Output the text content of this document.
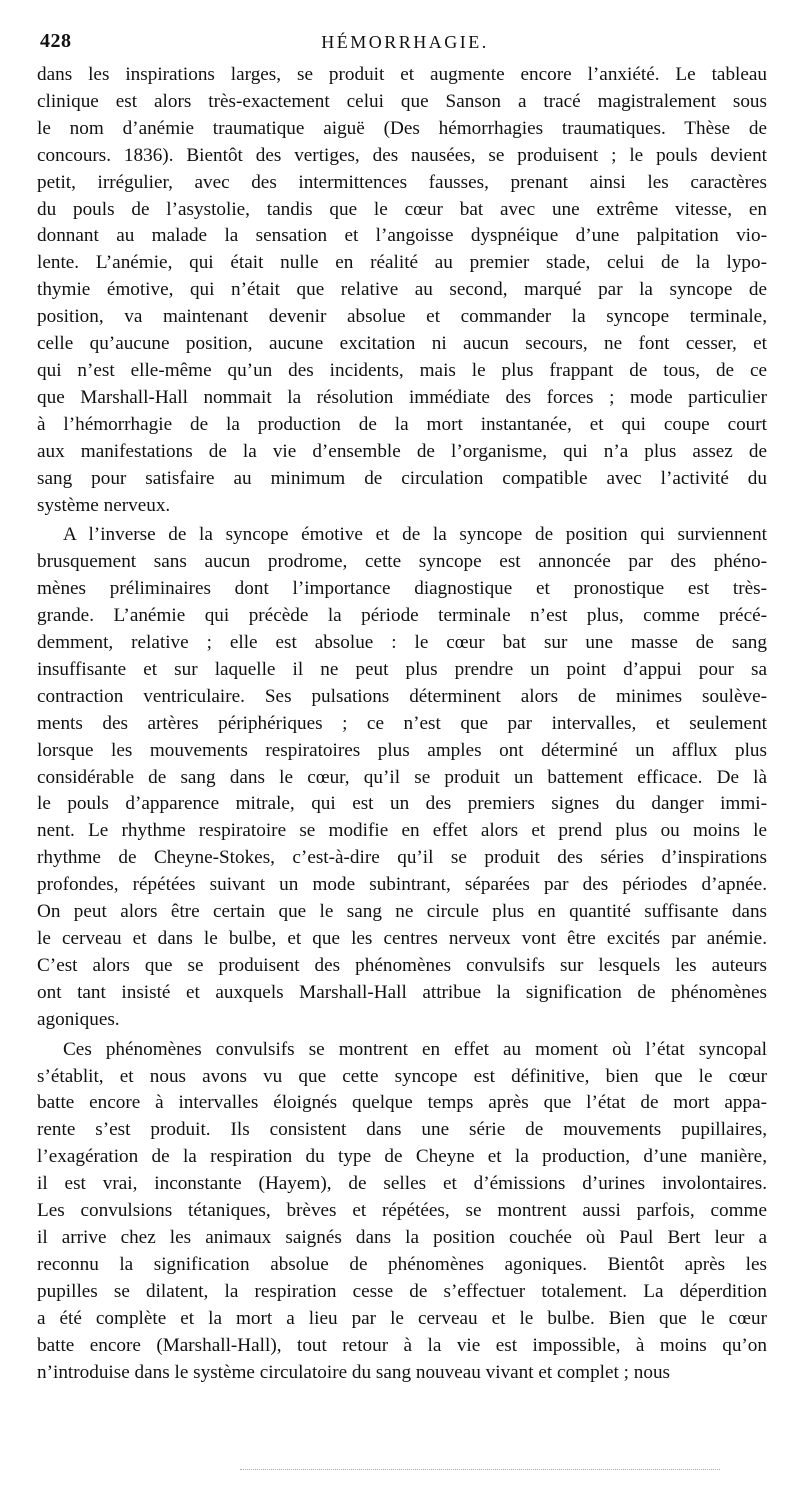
428	HÉMORRHAGIE.
dans les inspirations larges, se produit et augmente encore l’anxiété. Le tableau
clinique est alors très-exactement celui que Sanson a tracé magistralement sous
le nom d’anémie traumatique aiguë (Des hémorrhagies traumatiques. Thèse de
concours. 1836). Bientôt des vertiges, des nausées, se produisent ; le pouls devient
petit, irrégulier, avec des intermittences fausses, prenant ainsi les caractères
du pouls de l’asystolie, tandis que le cœur bat avec une extrême vitesse, en
donnant au malade la sensation et l’angoisse dyspnéique d’une palpitation vio-
lente. L’anémie, qui était nulle en réalité au premier stade, celui de la lypo-
thymie émotive, qui n’était que relative au second, marqué par la syncope de
position, va maintenant devenir absolue et commander la syncope terminale,
celle qu’aucune position, aucune excitation ni aucun secours, ne font cesser, et
qui n’est elle-même qu’un des incidents, mais le plus frappant de tous, de ce
que Marshall-Hall nommait la résolution immédiate des forces ; mode particulier
à l’hémorrhagie de la production de la mort instantanée, et qui coupe court
aux manifestations de la vie d’ensemble de l’organisme, qui n’a plus assez de
sang pour satisfaire au minimum de circulation compatible avec l’activité du
système nerveux.
A l’inverse de la syncope émotive et de la syncope de position qui surviennent
brusquement sans aucun prodrome, cette syncope est annoncée par des phéno-
mènes préliminaires dont l’importance diagnostique et pronostique est très-
grande. L’anémie qui précède la période terminale n’est plus, comme précé-
demment, relative ; elle est absolue : le cœur bat sur une masse de sang
insuffisante et sur laquelle il ne peut plus prendre un point d’appui pour sa
contraction ventriculaire. Ses pulsations déterminent alors de minimes soulève-
ments des artères périphériques ; ce n’est que par intervalles, et seulement
lorsque les mouvements respiratoires plus amples ont déterminé un afflux plus
considérable de sang dans le cœur, qu’il se produit un battement efficace. De là
le pouls d’apparence mitrale, qui est un des premiers signes du danger immi-
nent. Le rhythme respiratoire se modifie en effet alors et prend plus ou moins le
rhythme de Cheyne-Stokes, c’est-à-dire qu’il se produit des séries d’inspirations
profondes, répétées suivant un mode subintrant, séparées par des périodes d’apnée.
On peut alors être certain que le sang ne circule plus en quantité suffisante dans
le cerveau et dans le bulbe, et que les centres nerveux vont être excités par anémie.
C’est alors que se produisent des phénomènes convulsifs sur lesquels les auteurs
ont tant insisté et auxquels Marshall-Hall attribue la signification de phénomènes
agoniques.
Ces phénomènes convulsifs se montrent en effet au moment où l’état syncopal
s’établit, et nous avons vu que cette syncope est définitive, bien que le cœur
batte encore à intervalles éloignés quelque temps après que l’état de mort appa-
rente s’est produit. Ils consistent dans une série de mouvements pupillaires,
l’exagération de la respiration du type de Cheyne et la production, d’une manière,
il est vrai, inconstante (Hayem), de selles et d’émissions d’urines involontaires.
Les convulsions tétaniques, brèves et répétées, se montrent aussi parfois, comme
il arrive chez les animaux saignés dans la position couchée où Paul Bert leur a
reconnu la signification absolue de phénomènes agoniques. Bientôt après les
pupilles se dilatent, la respiration cesse de s’effectuer totalement. La déperdition
a été complète et la mort a lieu par le cerveau et le bulbe. Bien que le cœur
batte encore (Marshall-Hall), tout retour à la vie est impossible, à moins qu’on
n’introduise dans le système circulatoire du sang nouveau vivant et complet ; nous
